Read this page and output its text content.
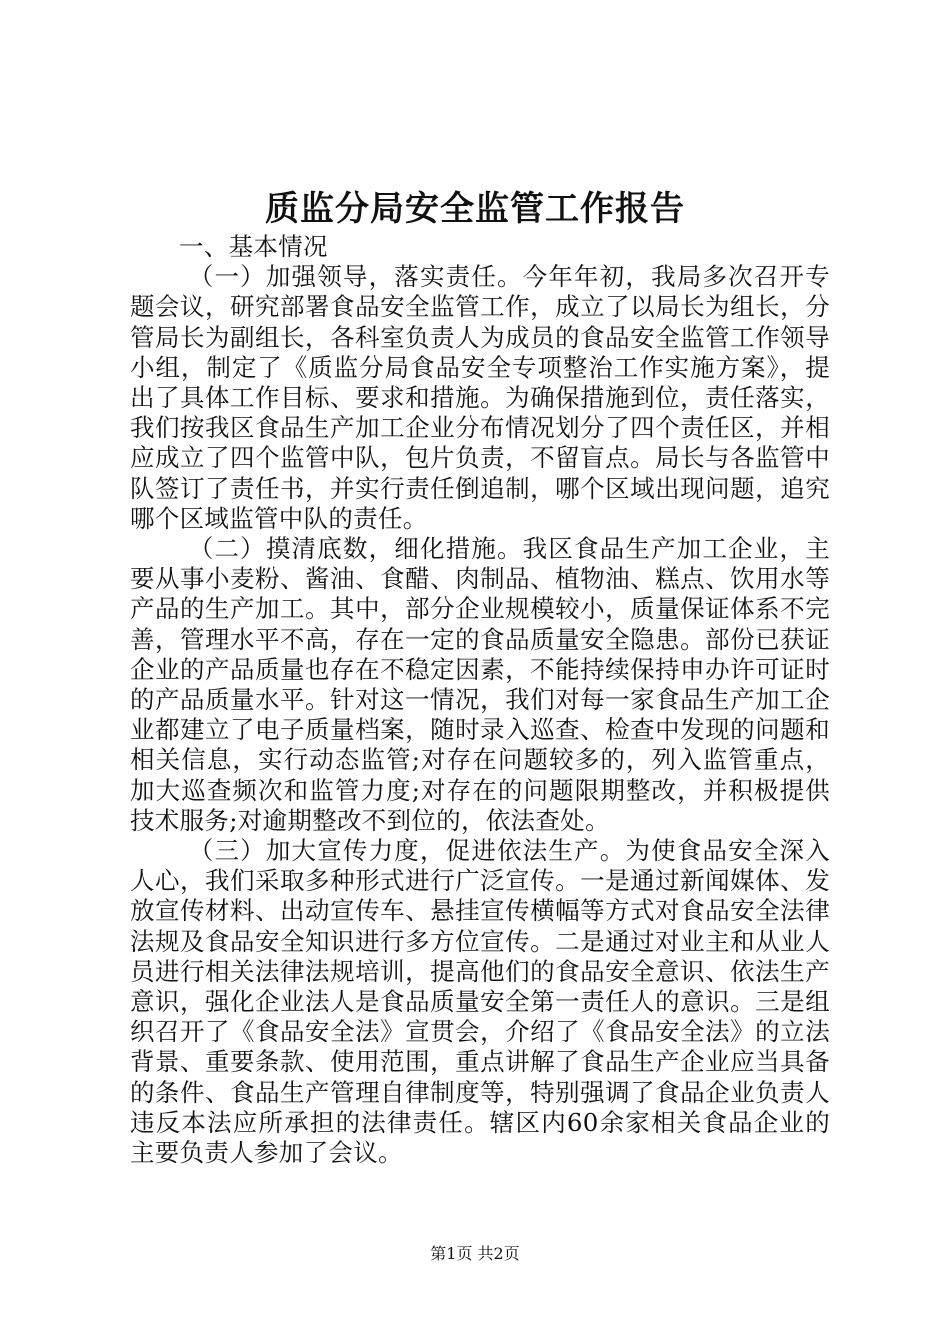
质监分局安全监管工作报告

一、基本情况

（一）加强领导，落实责任。今年年初，我局多次召开专题会议，研究部署食品安全监管工作，成立了以局长为组长，分管局长为副组长，各科室负责人为成员的食品安全监管工作领导小组，制定了《质监分局食品安全专项整治工作实施方案》，提出了具体工作目标、要求和措施。为确保措施到位，责任落实，我们按我区食品生产加工企业分布情况划分了四个责任区，并相应成立了四个监管中队，包片负责，不留盲点。局长与各监管中队签订了责任书，并实行责任倒追制，哪个区域出现问题，追究哪个区域监管中队的责任。

（二）摸清底数，细化措施。我区食品生产加工企业，主要从事小麦粉、酱油、食醋、肉制品、植物油、糕点、饮用水等产品的生产加工。其中，部分企业规模较小，质量保证体系不完善，管理水平不高，存在一定的食品质量安全隐患。部份已获证企业的产品质量也存在不稳定因素，不能持续保持申办许可证时的产品质量水平。针对这一情况，我们对每一家食品生产加工企业都建立了电子质量档案，随时录入巡查、检查中发现的问题和相关信息，实行动态监管;对存在问题较多的，列入监管重点，加大巡查频次和监管力度;对存在的问题限期整改，并积极提供技术服务;对逾期整改不到位的，依法查处。

（三）加大宣传力度，促进依法生产。为使食品安全深入人心，我们采取多种形式进行广泛宣传。一是通过新闻媒体、发放宣传材料、出动宣传车、悬挂宣传横幅等方式对食品安全法律法规及食品安全知识进行多方位宣传。二是通过对业主和从业人员进行相关法律法规培训，提高他们的食品安全意识、依法生产意识，强化企业法人是食品质量安全第一责任人的意识。三是组织召开了《食品安全法》宣贯会，介绍了《食品安全法》的立法背景、重要条款、使用范围，重点讲解了食品生产企业应当具备的条件、食品生产管理自律制度等，特别强调了食品企业负责人违反本法应所承担的法律责任。辖区内60余家相关食品企业的主要负责人参加了会议。

第1页 共2页
